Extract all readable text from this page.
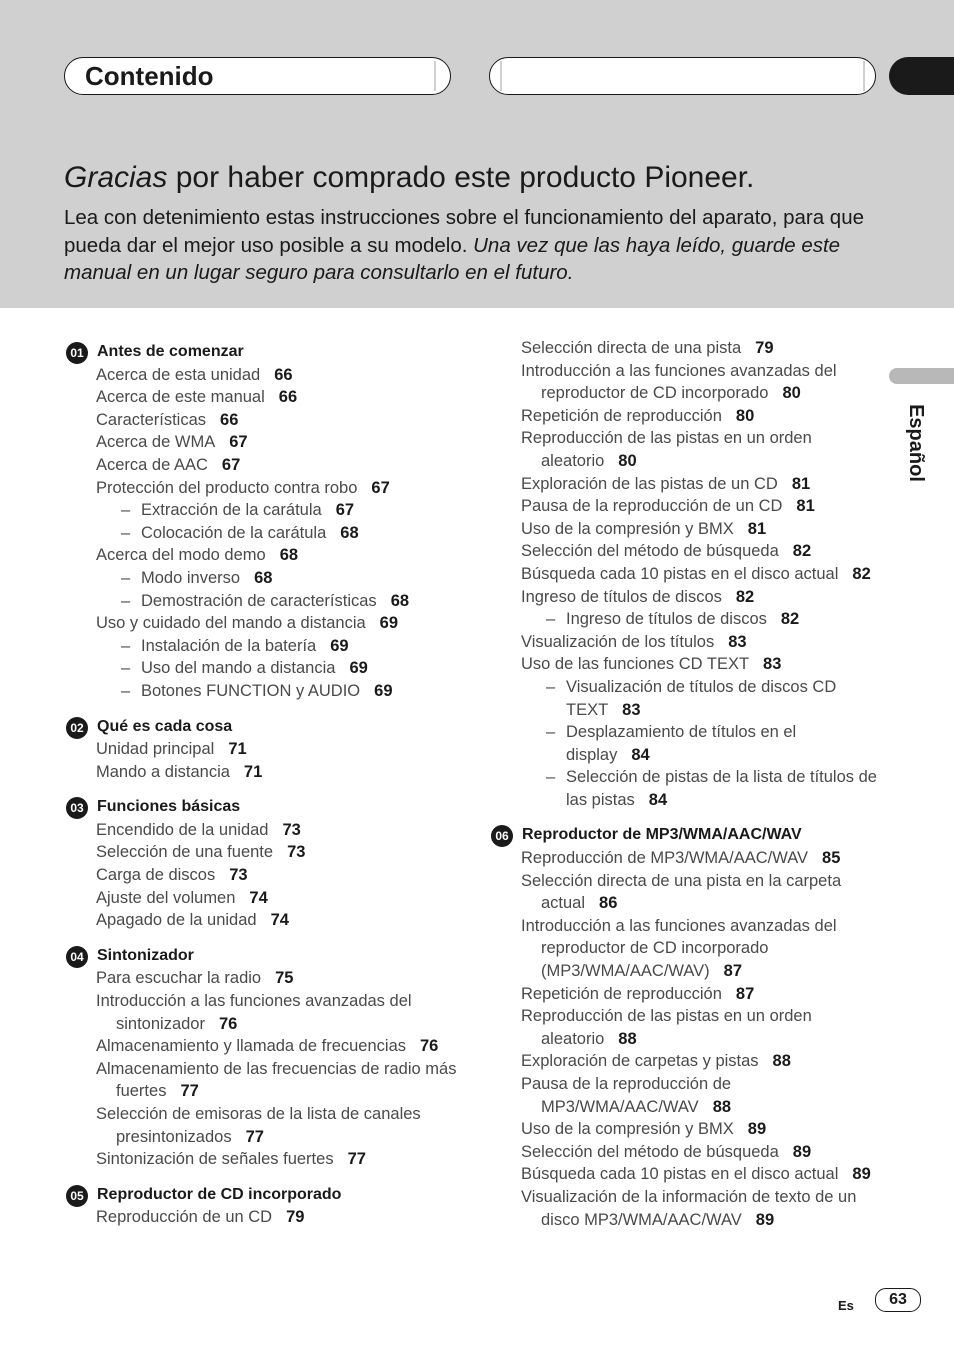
Contenido
Gracias por haber comprado este producto Pioneer.

Lea con detenimiento estas instrucciones sobre el funcionamiento del aparato, para que pueda dar el mejor uso posible a su modelo. Una vez que las haya leído, guarde este manual en un lugar seguro para consultarlo en el futuro.

01 Antes de comenzar
Acerca de esta unidad 66
Acerca de este manual 66
Características 66
Acerca de WMA 67
Acerca de AAC 67
Protección del producto contra robo 67
– Extracción de la carátula 67
– Colocación de la carátula 68
Acerca del modo demo 68
– Modo inverso 68
– Demostración de características 68
Uso y cuidado del mando a distancia 69
– Instalación de la batería 69
– Uso del mando a distancia 69
– Botones FUNCTION y AUDIO 69
02 Qué es cada cosa
Unidad principal 71
Mando a distancia 71
03 Funciones básicas
Encendido de la unidad 73
Selección de una fuente 73
Carga de discos 73
Ajuste del volumen 74
Apagado de la unidad 74
04 Sintonizador
Para escuchar la radio 75
Introducción a las funciones avanzadas del sintonizador 76
Almacenamiento y llamada de frecuencias 76
Almacenamiento de las frecuencias de radio más fuertes 77
Selección de emisoras de la lista de canales presintonizados 77
Sintonización de señales fuertes 77
05 Reproductor de CD incorporado
Reproducción de un CD 79
Selección directa de una pista 79
Introducción a las funciones avanzadas del reproductor de CD incorporado 80
Repetición de reproducción 80
Reproducción de las pistas en un orden aleatorio 80
Exploración de las pistas de un CD 81
Pausa de la reproducción de un CD 81
Uso de la compresión y BMX 81
Selección del método de búsqueda 82
Búsqueda cada 10 pistas en el disco actual 82
Ingreso de títulos de discos 82
– Ingreso de títulos de discos 82
Visualización de los títulos 83
Uso de las funciones CD TEXT 83
– Visualización de títulos de discos CD TEXT 83
– Desplazamiento de títulos en el display 84
– Selección de pistas de la lista de títulos de las pistas 84
06 Reproductor de MP3/WMA/AAC/WAV
Reproducción de MP3/WMA/AAC/WAV 85
Selección directa de una pista en la carpeta actual 86
Introducción a las funciones avanzadas del reproductor de CD incorporado (MP3/WMA/AAC/WAV) 87
Repetición de reproducción 87
Reproducción de las pistas en un orden aleatorio 88
Exploración de carpetas y pistas 88
Pausa de la reproducción de MP3/WMA/AAC/WAV 88
Uso de la compresión y BMX 89
Selección del método de búsqueda 89
Búsqueda cada 10 pistas en el disco actual 89
Visualización de la información de texto de un disco MP3/WMA/AAC/WAV 89
Español
Es	63
